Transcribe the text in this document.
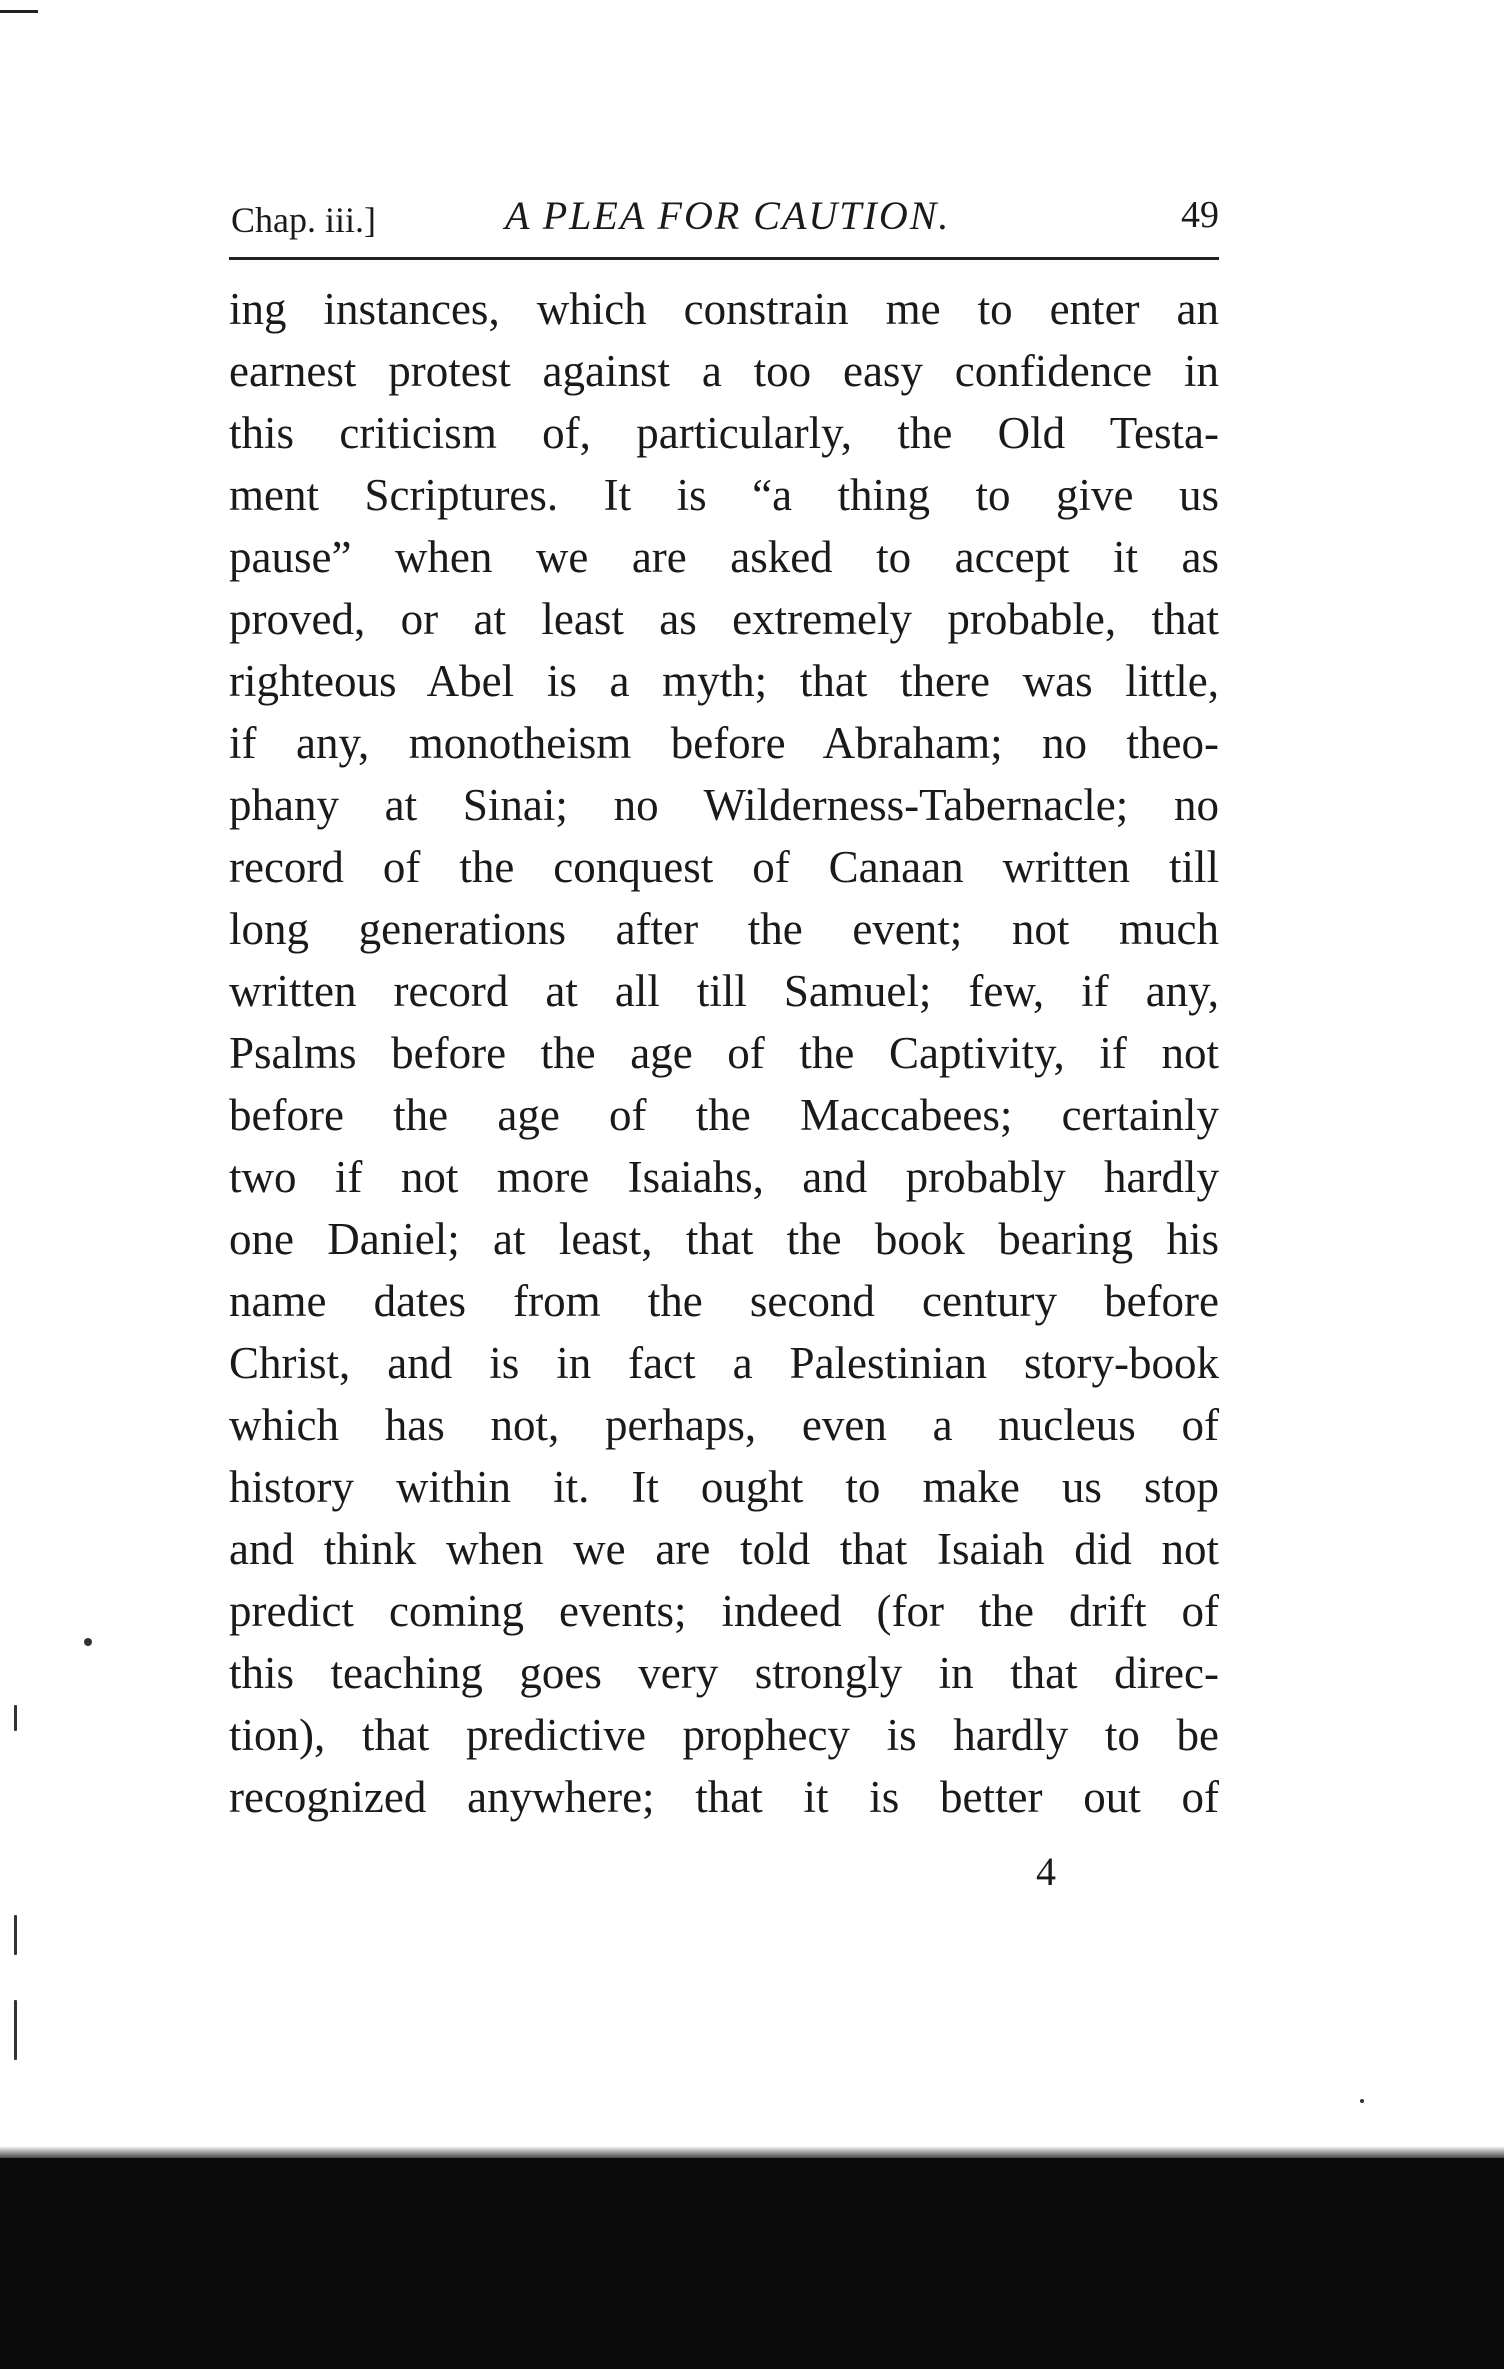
Chap. iii.]	A PLEA FOR CAUTION.	49
ing instances, which constrain me to enter an
earnest protest against a too easy confidence in
this criticism of, particularly, the Old Testa-
ment Scriptures. It is “a thing to give us
pause” when we are asked to accept it as
proved, or at least as extremely probable, that
righteous Abel is a myth; that there was little,
if any, monotheism before Abraham; no theo-
phany at Sinai; no Wilderness-Tabernacle; no
record of the conquest of Canaan written till
long generations after the event; not much
written record at all till Samuel; few, if any,
Psalms before the age of the Captivity, if not
before the age of the Maccabees; certainly
two if not more Isaiahs, and probably hardly
one Daniel; at least, that the book bearing his
name dates from the second century before
Christ, and is in fact a Palestinian story-book
which has not, perhaps, even a nucleus of
history within it. It ought to make us stop
and think when we are told that Isaiah did not
predict coming events; indeed (for the drift of
this teaching goes very strongly in that direc-
tion), that predictive prophecy is hardly to be
recognized anywhere; that it is better out of
4
